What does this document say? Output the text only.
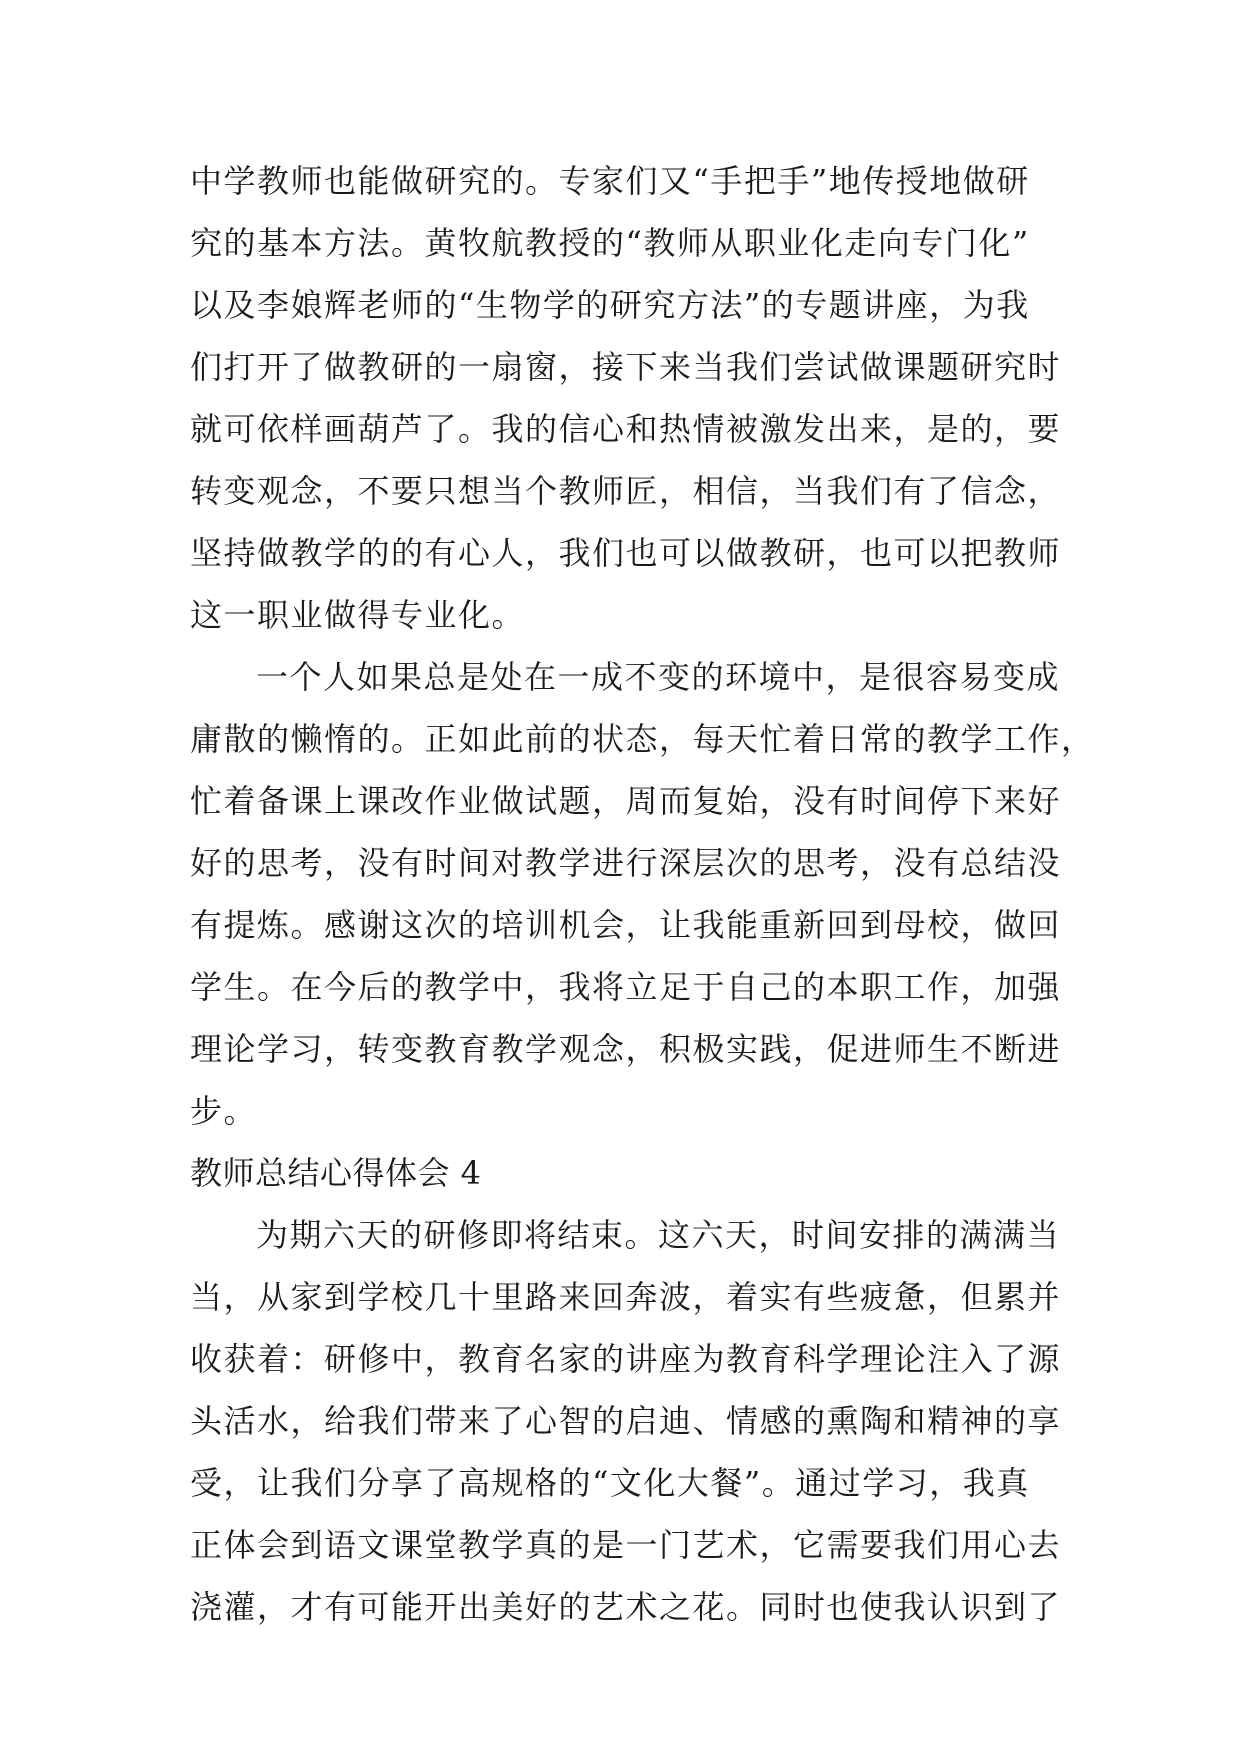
中学教师也能做研究的。专家们又“手把手”地传授地做研
究的基本方法。黄牧航教授的“教师从职业化走向专门化”
以及李娘辉老师的“生物学的研究方法”的专题讲座，为我
们打开了做教研的一扇窗，接下来当我们尝试做课题研究时
就可依样画葫芦了。我的信心和热情被激发出来，是的，要
转变观念，不要只想当个教师匠，相信，当我们有了信念，
坚持做教学的的有心人，我们也可以做教研，也可以把教师
这一职业做得专业化。
一个人如果总是处在一成不变的环境中，是很容易变成
庸散的懒惰的。正如此前的状态，每天忙着日常的教学工作，
忙着备课上课改作业做试题，周而复始，没有时间停下来好
好的思考，没有时间对教学进行深层次的思考，没有总结没
有提炼。感谢这次的培训机会，让我能重新回到母校，做回
学生。在今后的教学中，我将立足于自己的本职工作，加强
理论学习，转变教育教学观念，积极实践，促进师生不断进
步。
教师总结心得体会 4
为期六天的研修即将结束。这六天，时间安排的满满当
当，从家到学校几十里路来回奔波，着实有些疲惫，但累并
收获着：研修中，教育名家的讲座为教育科学理论注入了源
头活水，给我们带来了心智的启迪、情感的熏陶和精神的享
受，让我们分享了高规格的“文化大餐”。通过学习，我真
正体会到语文课堂教学真的是一门艺术，它需要我们用心去
浇灌，才有可能开出美好的艺术之花。同时也使我认识到了
